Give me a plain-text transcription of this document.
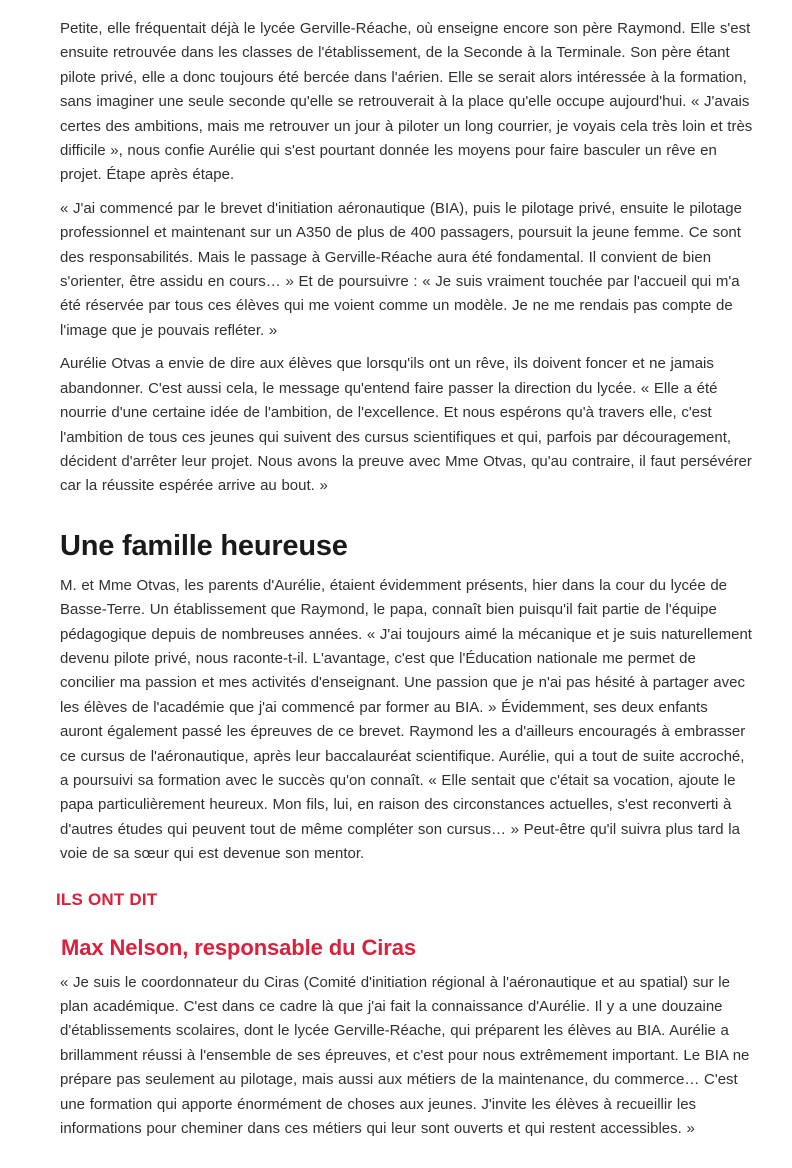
Petite, elle fréquentait déjà le lycée Gerville-Réache, où enseigne encore son père Raymond. Elle s'est ensuite retrouvée dans les classes de l'établissement, de la Seconde à la Terminale. Son père étant pilote privé, elle a donc toujours été bercée dans l'aérien. Elle se serait alors intéressée à la formation, sans imaginer une seule seconde qu'elle se retrouverait à la place qu'elle occupe aujourd'hui. « J'avais certes des ambitions, mais me retrouver un jour à piloter un long courrier, je voyais cela très loin et très difficile », nous confie Aurélie qui s'est pourtant donnée les moyens pour faire basculer un rêve en projet. Étape après étape.

« J'ai commencé par le brevet d'initiation aéronautique (BIA), puis le pilotage privé, ensuite le pilotage professionnel et maintenant sur un A350 de plus de 400 passagers, poursuit la jeune femme. Ce sont des responsabilités. Mais le passage à Gerville-Réache aura été fondamental. Il convient de bien s'orienter, être assidu en cours… » Et de poursuivre : « Je suis vraiment touchée par l'accueil qui m'a été réservée par tous ces élèves qui me voient comme un modèle. Je ne me rendais pas compte de l'image que je pouvais refléter. »

Aurélie Otvas a envie de dire aux élèves que lorsqu'ils ont un rêve, ils doivent foncer et ne jamais abandonner. C'est aussi cela, le message qu'entend faire passer la direction du lycée. « Elle a été nourrie d'une certaine idée de l'ambition, de l'excellence. Et nous espérons qu'à travers elle, c'est l'ambition de tous ces jeunes qui suivent des cursus scientifiques et qui, parfois par découragement, décident d'arrêter leur projet. Nous avons la preuve avec Mme Otvas, qu'au contraire, il faut persévérer car la réussite espérée arrive au bout. »

Une famille heureuse

M. et Mme Otvas, les parents d'Aurélie, étaient évidemment présents, hier dans la cour du lycée de Basse-Terre. Un établissement que Raymond, le papa, connaît bien puisqu'il fait partie de l'équipe pédagogique depuis de nombreuses années. « J'ai toujours aimé la mécanique et je suis naturellement devenu pilote privé, nous raconte-t-il. L'avantage, c'est que l'Éducation nationale me permet de concilier ma passion et mes activités d'enseignant. Une passion que je n'ai pas hésité à partager avec les élèves de l'académie que j'ai commencé par former au BIA. » Évidemment, ses deux enfants auront également passé les épreuves de ce brevet. Raymond les a d'ailleurs encouragés à embrasser ce cursus de l'aéronautique, après leur baccalauréat scientifique. Aurélie, qui a tout de suite accroché, a poursuivi sa formation avec le succès qu'on connaît. « Elle sentait que c'était sa vocation, ajoute le papa particulièrement heureux. Mon fils, lui, en raison des circonstances actuelles, s'est reconverti à d'autres études qui peuvent tout de même compléter son cursus… » Peut-être qu'il suivra plus tard la voie de sa sœur qui est devenue son mentor.

ILS ONT DIT
Max Nelson, responsable du Ciras

« Je suis le coordonnateur du Ciras (Comité d'initiation régional à l'aéronautique et au spatial) sur le plan académique. C'est dans ce cadre là que j'ai fait la connaissance d'Aurélie. Il y a une douzaine d'établissements scolaires, dont le lycée Gerville-Réache, qui préparent les élèves au BIA. Aurélie a brillamment réussi à l'ensemble de ses épreuves, et c'est pour nous extrêmement important. Le BIA ne prépare pas seulement au pilotage, mais aussi aux métiers de la maintenance, du commerce… C'est une formation qui apporte énormément de choses aux jeunes. J'invite les élèves à recueillir les informations pour cheminer dans ces métiers qui leur sont ouverts et qui restent accessibles. »
